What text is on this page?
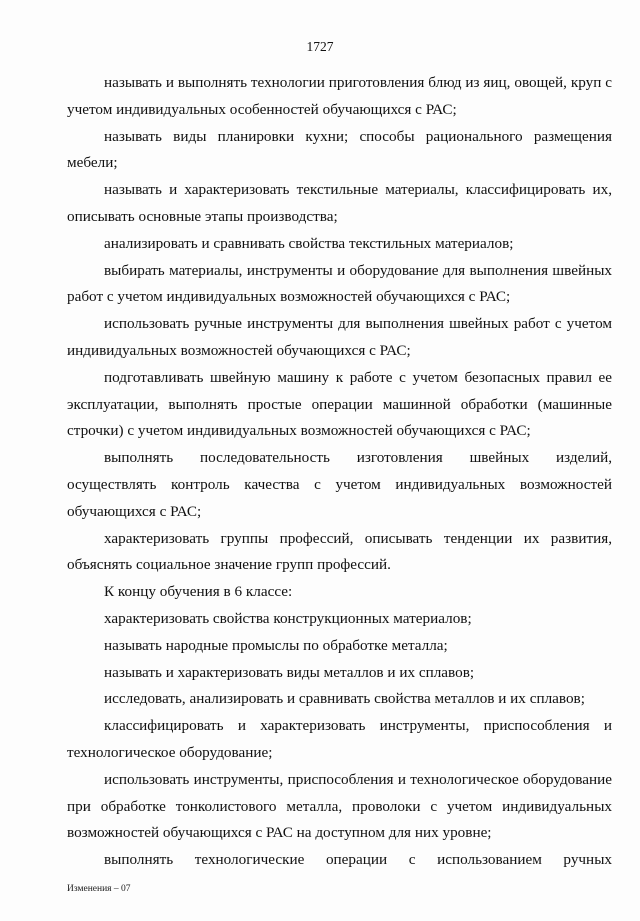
1727

называть и выполнять технологии приготовления блюд из яиц, овощей, круп с учетом индивидуальных особенностей обучающихся с РАС;

называть виды планировки кухни; способы рационального размещения мебели;

называть и характеризовать текстильные материалы, классифицировать их, описывать основные этапы производства;

анализировать и сравнивать свойства текстильных материалов;

выбирать материалы, инструменты и оборудование для выполнения швейных работ с учетом индивидуальных возможностей обучающихся с РАС;

использовать ручные инструменты для выполнения швейных работ с учетом индивидуальных возможностей обучающихся с РАС;

подготавливать швейную машину к работе с учетом безопасных правил ее эксплуатации, выполнять простые операции машинной обработки (машинные строчки) с учетом индивидуальных возможностей обучающихся с РАС;

выполнять последовательность изготовления швейных изделий, осуществлять контроль качества с учетом индивидуальных возможностей обучающихся с РАС;

характеризовать группы профессий, описывать тенденции их развития, объяснять социальное значение групп профессий.

К концу обучения в 6 классе:

характеризовать свойства конструкционных материалов;

называть народные промыслы по обработке металла;

называть и характеризовать виды металлов и их сплавов;

исследовать, анализировать и сравнивать свойства металлов и их сплавов;

классифицировать и характеризовать инструменты, приспособления и технологическое оборудование;

использовать инструменты, приспособления и технологическое оборудование при обработке тонколистового металла, проволоки с учетом индивидуальных возможностей обучающихся с РАС на доступном для них уровне;

выполнять технологические операции с использованием ручных

Изменения – 07
